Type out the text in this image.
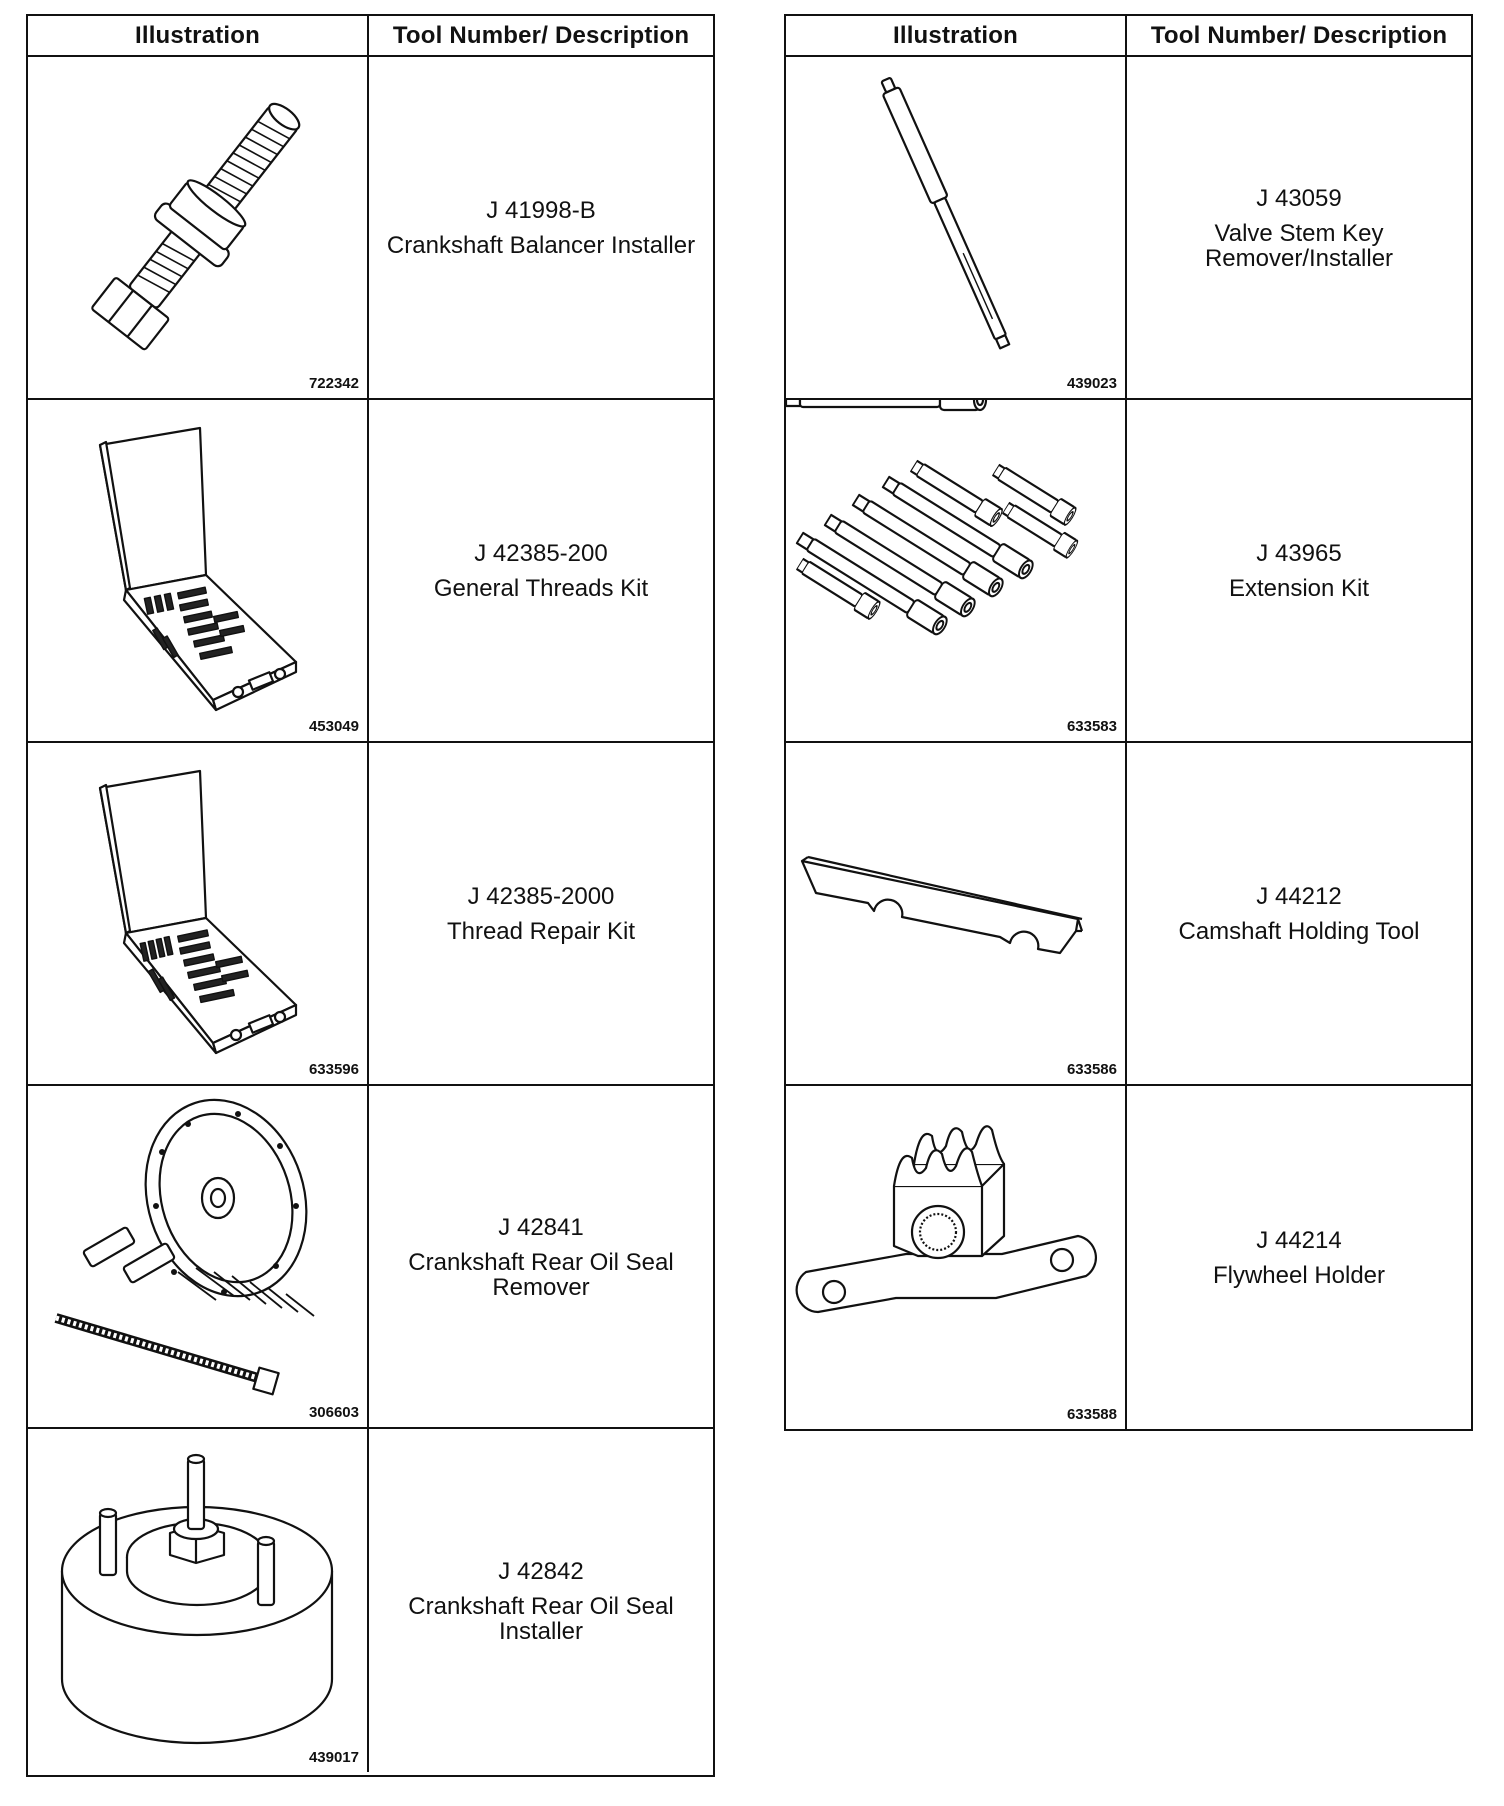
Illustration	Tool Number/ Description
722342
J 41998-B
Crankshaft Balancer Installer
453049
J 42385-200
General Threads Kit
633596
J 42385-2000
Thread Repair Kit
306603
J 42841
Crankshaft Rear Oil Seal Remover
439017
J 42842
Crankshaft Rear Oil Seal Installer
Illustration	Tool Number/ Description
439023
J 43059
Valve Stem Key Remover/Installer
633583
J 43965
Extension Kit
633586
J 44212
Camshaft Holding Tool
633588
J 44214
Flywheel Holder
